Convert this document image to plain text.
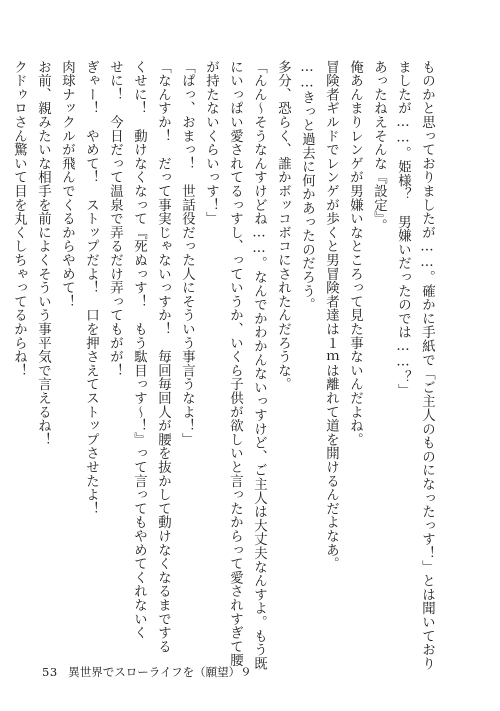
ものかと思っておりましたが……。確かに手紙で「ご主人のものになったっす！」とは聞いており

ましたが……。姫様？　男嫌いだったのでは……？」

あったねえそんな『設定』。

俺あんまりレンゲが男嫌いなところって見た事ないんだよね。

冒険者ギルドでレンゲが歩くと男冒険者達は１ｍは離れて道を開けるんだよなあ。

……きっと過去に何かあったのだろう。

多分、恐らく、誰かボッコボコにされたんだろうな。

「んん～そうなんすけどね……。なんでかわかんないっすけど、ご主人は大丈夫なんすよ。もう既

にいっぱい愛されてるっすし、っていうか、いくら子供が欲しいと言ったからって愛されすぎて腰

が持たないくらいっす！」

「ぱっ、おまっ！　世話役だった人にそういう事言うなよ！」

「なんすか！　だって事実じゃないっすか！　毎回毎回人が腰を抜かして動けなくなるまでする

くせに！　動けなくなって『死ぬっす！　もう駄目っす～！』って言ってもやめてくれないく

せに！　今日だって温泉で弄るだけ弄ってもがが！

ぎゃー！　やめて！　ストップだよ！　口を押さえてストップさせたよ！

肉球ナックルが飛んでくるからやめて！

お前、親みたいな相手を前によくそういう事平気で言えるね！

クドゥロさん驚いて目を丸くしちゃってるからね！

53 異世界でスローライフを（願望）９
